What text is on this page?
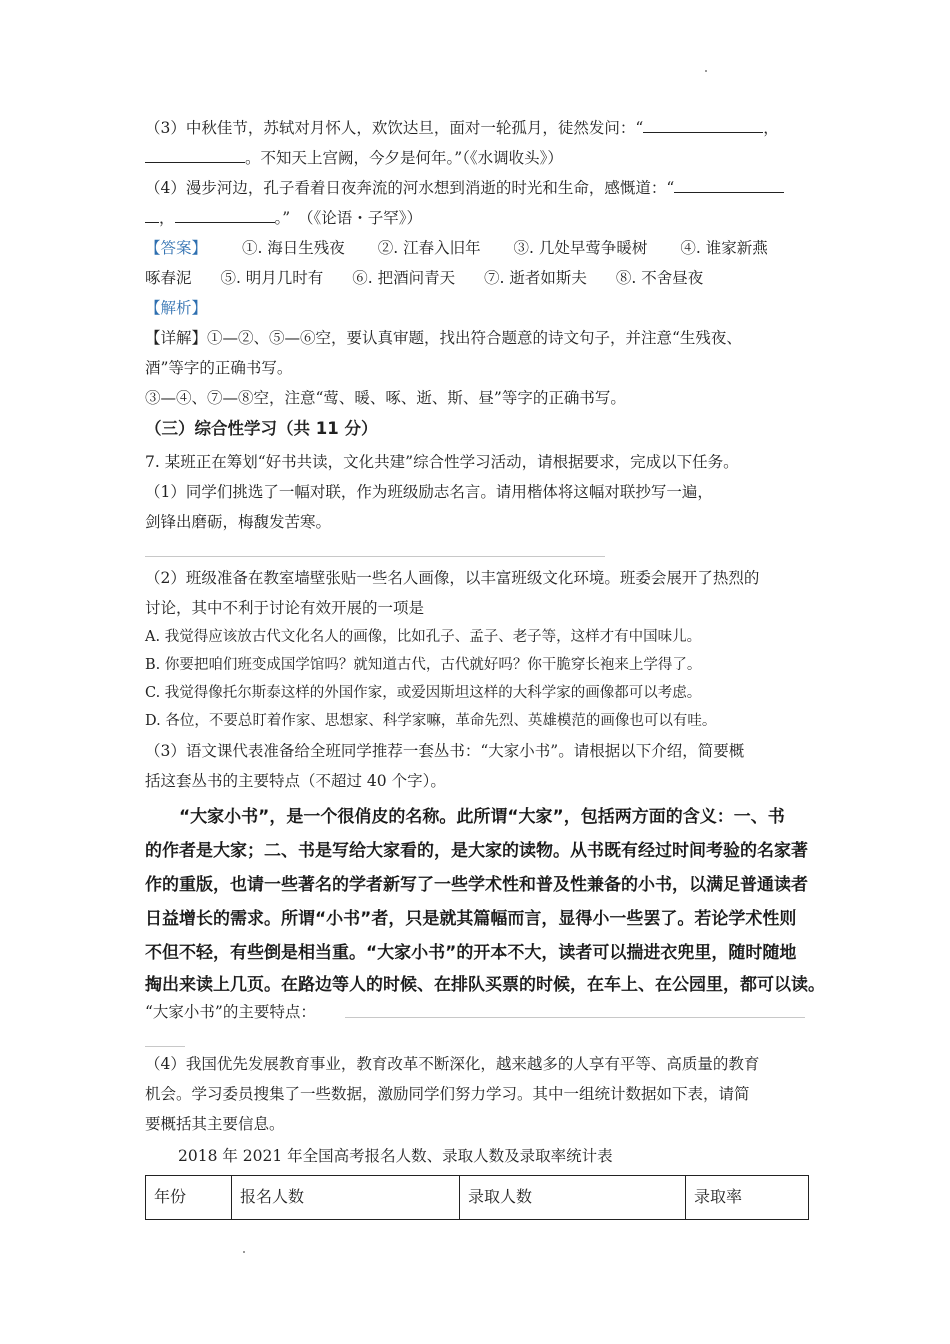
（3）中秋佳节，苏轼对月怀人，欢饮达旦，面对一轮孤月，徒然发问：“	，
。不知天上宫阙，今夕是何年。”（《水调收头》）
（4）漫步河边，孔子看着日夜奔流的河水想到消逝的时光和生命，感慨道：“
，	。”　（《论语・子罕》）
【答案】 ①. 海日生残夜 ②. 江春入旧年 ③. 几处早莺争暖树 ④. 谁家新燕
啄春泥 ⑤. 明月几时有 ⑥. 把酒问青天 ⑦. 逝者如斯夫 ⑧. 不舍昼夜
【解析】
【详解】①—②、⑤—⑥空，要认真审题，找出符合题意的诗文句子，并注意“生残夜、
酒”等字的正确书写。
③—④、⑦—⑧空，注意“莺、暖、啄、逝、斯、昼”等字的正确书写。
（三）综合性学习（共 11 分）
7. 某班正在筹划“好书共读，文化共建”综合性学习活动，请根据要求，完成以下任务。
（1）同学们挑选了一幅对联，作为班级励志名言。请用楷体将这幅对联抄写一遍，
剑锋出磨砺，梅馥发苦寒。
（2）班级准备在教室墙壁张贴一些名人画像，以丰富班级文化环境。班委会展开了热烈的
讨论，其中不利于讨论有效开展的一项是
A. 我觉得应该放古代文化名人的画像，比如孔子、孟子、老子等，这样才有中国味儿。
B. 你要把咱们班变成国学馆吗？就知道古代，古代就好吗？你干脆穿长袍来上学得了。
C. 我觉得像托尔斯泰这样的外国作家，或爱因斯坦这样的大科学家的画像都可以考虑。
D. 各位，不要总盯着作家、思想家、科学家嘛，革命先烈、英雄模范的画像也可以有哇。
（3）语文课代表准备给全班同学推荐一套丛书：“大家小书”。请根据以下介绍，简要概
括这套丛书的主要特点（不超过 40 个字）。
　　“大家小书”，是一个很俏皮的名称。此所谓“大家”，包括两方面的含义：一、书
的作者是大家；二、书是写给大家看的，是大家的读物。从书既有经过时间考验的名家著
作的重版，也请一些著名的学者新写了一些学术性和普及性兼备的小书，以满足普通读者
日益增长的需求。所谓“小书”者，只是就其篇幅而言，显得小一些罢了。若论学术性则
不但不轻，有些倒是相当重。“大家小书”的开本不大，读者可以揣进衣兜里，随时随地
掏出来读上几页。在路边等人的时候、在排队买票的时候，在车上、在公园里，都可以读。
“大家小书”的主要特点：
（4）我国优先发展教育事业，教育改革不断深化，越来越多的人享有平等、高质量的教育
机会。学习委员搜集了一些数据，激励同学们努力学习。其中一组统计数据如下表，请简
要概括其主要信息。
2018 年 2021 年全国高考报名人数、录取人数及录取率统计表
年份	报名人数	录取人数	录取率
